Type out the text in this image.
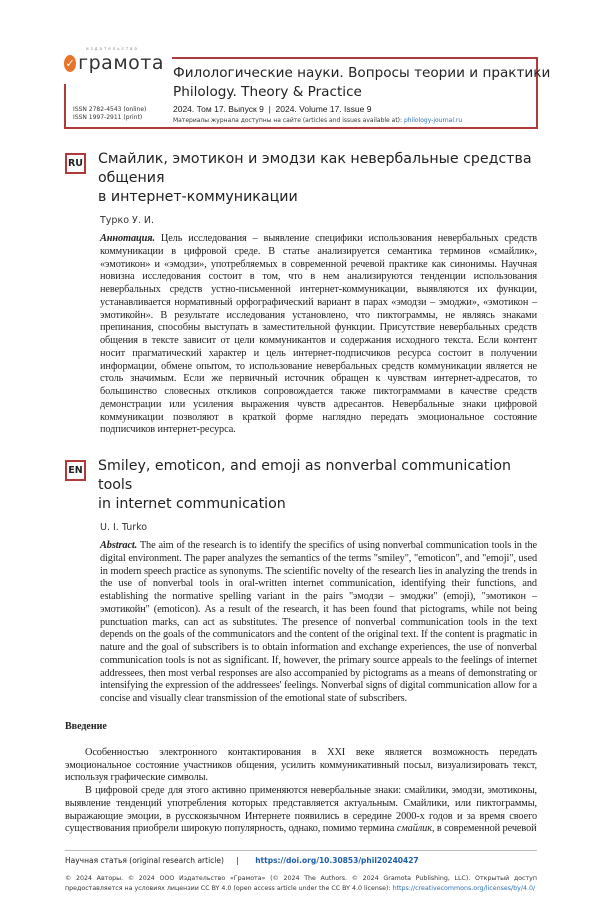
издательство
✓ грамота Филологические науки. Вопросы теории и практики
Philology. Theory & Practice
2024. Том 17. Выпуск 9  |  2024. Volume 17. Issue 9
Материалы журнала доступны на сайте (articles and issues available at): philology-journal.ru
ISSN 2782-4543 (online)
ISSN 1997-2911 (print)
RU Смайлик, эмотикон и эмодзи как невербальные средства общения
в интернет-коммуникации
Турко У. И.
Аннотация. Цель исследования – выявление специфики использования невербальных средств коммуникации в цифровой среде. В статье анализируется семантика терминов «смайлик», «эмотикон» и «эмодзи», употребляемых в современной речевой практике как синонимы. Научная новизна исследования состоит в том, что в нем анализируются тенденции использования невербальных средств устно-письменной интернет-коммуникации, выявляются их функции, устанавливается нормативный орфографический вариант в парах «эмодзи – эмоджи», «эмотикон – эмотикойн». В результате исследования установлено, что пиктограммы, не являясь знаками препинания, способны выступать в заместительной функции. Присутствие невербальных средств общения в тексте зависит от цели коммуникантов и содержания исходного текста. Если контент носит прагматический характер и цель интернет-подписчиков ресурса состоит в получении информации, обмене опытом, то использование невербальных средств коммуникации является не столь значимым. Если же первичный источник обращен к чувствам интернет-адресатов, то большинство словесных откликов сопровождается также пиктограммами в качестве средств демонстрации или усиления выражения чувств адресантов. Невербальные знаки цифровой коммуникации позволяют в краткой форме наглядно передать эмоциональное состояние подписчиков интернет-ресурса.
EN Smiley, emoticon, and emoji as nonverbal communication tools
in internet communication
U. I. Turko
Abstract. The aim of the research is to identify the specifics of using nonverbal communication tools in the digital environment. The paper analyzes the semantics of the terms "smiley", "emoticon", and "emoji", used in modern speech practice as synonyms. The scientific novelty of the research lies in analyzing the trends in the use of nonverbal tools in oral-written internet communication, identifying their functions, and establishing the normative spelling variant in the pairs "эмодзи – эмоджи" (emoji), "эмотикон – эмотикойн" (emoticon). As a result of the research, it has been found that pictograms, while not being punctuation marks, can act as substitutes. The presence of nonverbal communication tools in the text depends on the goals of the communicators and the content of the original text. If the content is pragmatic in nature and the goal of subscribers is to obtain information and exchange experiences, the use of nonverbal communication tools is not as significant. If, however, the primary source appeals to the feelings of internet addressees, then most verbal responses are also accompanied by pictograms as a means of demonstrating or intensifying the expression of the addressees' feelings. Nonverbal signs of digital communication allow for a concise and visually clear transmission of the emotional state of subscribers.
Введение

Особенностью электронного контактирования в XXI веке является возможность передать эмоциональное состояние участников общения, усилить коммуникативный посыл, визуализировать текст, используя графические символы.

В цифровой среде для этого активно применяются невербальные знаки: смайлики, эмодзи, эмотиконы, выявление тенденций употребления которых представляется актуальным. Смайлики, или пиктограммы, выражающие эмоции, в русскоязычном Интернете появились в середине 2000-х годов и за время своего существования приобрели широкую популярность, однако, помимо термина смайлик, в современной речевой

Научная статья (original research article) | https://doi.org/10.30853/phil20240427
© 2024 Авторы. © 2024 ООО Издательство «Грамота» (© 2024 The Authors. © 2024 Gramota Publishing, LLC). Открытый доступ предоставляется на условиях лицензии CC BY 4.0 (open access article under the CC BY 4.0 license): https://creativecommons.org/licenses/by/4.0/
